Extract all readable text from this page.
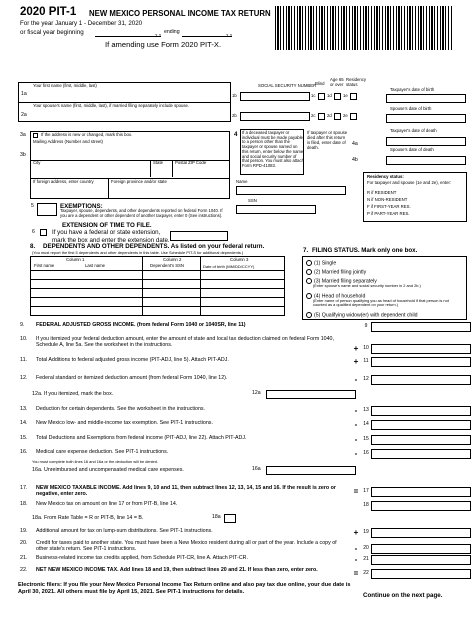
2020 PIT-1 NEW MEXICO PERSONAL INCOME TAX RETURN
For the year January 1 - December 31, 2020
or fiscal year beginning	2 2
ending
2 2
If amending use Form 2020 PIT-X.
Your first name (first, middle, last)
1a
Your spouse's name (first, middle, last), if married filing separately include spouse.
2a
SOCIAL SECURITY NUMBER
Blind
Age 65 or over
Residency status
Taxpayer's date of birth
Spouse's date of birth
1b	1c	1d	1e
2b	2c	2d	2e
3a	If the address is new or changed, mark this box.
Mailing Address (Number and street)
3b
City	State	Postal ZIP Code
If foreign address, enter country	Foreign province and/or state
4 If a deceased taxpayer or individual must be made payable to a person other than the taxpayer or spouse named on this return, enter below the name and social security number of that person. You must also attach Form RPD-41083.
If taxpayer or spouse died after this return is filed, enter date of death.
Taxpayer's date of death
4a
Spouse's date of death
4b
Name
SSN
Residency status:
For taxpayer and spouse (1e and 2e), enter:
R if RESIDENT
N if NON-RESIDENT
F if FIRST-YEAR RES.
P if PART-YEAR RES.
5	EXEMPTIONS:
Taxpayer, spouse, dependents, and other dependents reported on federal Form 1040. If you are a dependent or other dependent of another taxpayer, enter 0 (See instructions).
EXTENSION OF TIME TO FILE.
6	If you have a federal or state extension,
mark the box and enter the extension date.
8. DEPENDENTS AND OTHER DEPENDENTS. As listed on your federal return.
(You must report the first 5 dependents and other dependents in this table. Use Schedule PIT-S for additional dependents.)
Column 1	Column 2	Column 3
First name	Last name	Dependent's SSN	Date of birth (MM/DD/CCYY)
7. FILING STATUS. Mark only one box.
(1) Single
(2) Married filing jointly
(3) Married filing separately
(Enter spouse's name and social security number in 2 and 2b.)
(4) Head of household
(Enter name of person qualifying you as head of household if that person is not counted as a qualified dependent on your return.)
(5) Qualifying widow(er) with dependent child
Electronic filers: If you file your New Mexico Personal Income Tax Return online and also pay tax due online, your due date is April 30, 2021. All others must file by April 15, 2021. See PIT-1 instructions for details.
Continue on the next page.
9. FEDERAL ADJUSTED GROSS INCOME. (from federal Form 1040 or 1040SR, line 11)	9
10. If you itemized your federal deduction amount, enter the amount of state and local tax deduction claimed on federal Form 1040, Schedule A, line 5a. See the worksheet in the instructions.	+ 10
11. Total Additions to federal adjusted gross income (PIT-ADJ, line 5). Attach PIT-ADJ.	+	11
12. Federal standard or itemized deduction amount (from federal Form 1040, line 12).	-	12
12a. If you itemized, mark the box.	12a
13. Deduction for certain dependents. See the worksheet in the instructions.	-	13
14. New Mexico low- and middle-income tax exemption. See PIT-1 instructions.	-	14
15. Total Deductions and Exemptions from federal income (PIT-ADJ, line 22). Attach PIT-ADJ.	-	15
16. Medical care expense deduction. See PIT-1 instructions.	-	16
16a. Unreimbursed and uncompensated medical care expenses.	16a
17. NEW MEXICO TAXABLE INCOME. Add lines 9, 10 and 11, then subtract lines 12, 13, 14, 15 and 16. If the result is zero or negative, enter zero.	= 17
18. New Mexico tax on amount on line 17 or from PIT-B, line 14.	18
18a. From Rate Table = R or PIT-B, line 14 = B.	18a
19. Additional amount for tax on lump-sum distributions. See PIT-1 instructions.	+ 19
20. Credit for taxes paid to another state. You must have been a New Mexico resident during all or part of the year. Include a copy of other state's return. See PIT-1 instructions.	-	20
21. Business-related income tax credits applied, from Schedule PIT-CR, line A. Attach PIT-CR.	-	21
22. NET NEW MEXICO INCOME TAX. Add lines 18 and 19, then subtract lines 20 and 21. If less than zero, enter zero.	= 22
You must complete both lines 16 and 16a or the deduction will be denied.
